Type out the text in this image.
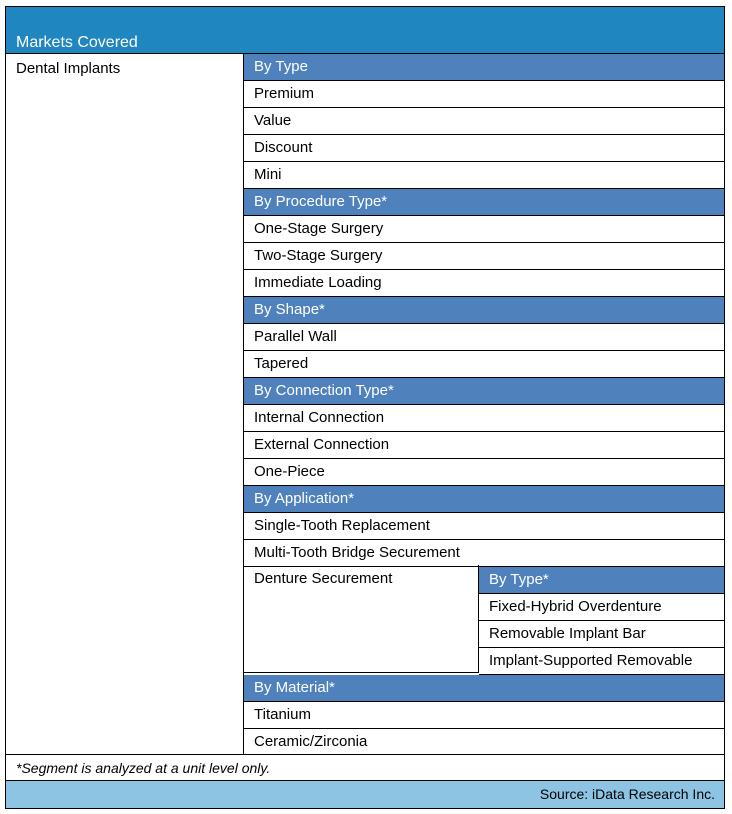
Markets Covered
Dental Implants	By Type
Premium
Value
Discount
Mini
By Procedure Type*
One-Stage Surgery
Two-Stage Surgery
Immediate Loading
By Shape*
Parallel Wall
Tapered
By Connection Type*
Internal Connection
External Connection
One-Piece
By Application*
Single-Tooth Replacement
Multi-Tooth Bridge Securement
Denture Securement	By Type*
Fixed-Hybrid Overdenture
Removable Implant Bar
Implant-Supported Removable
By Material*
Titanium
Ceramic/Zirconia
*Segment is analyzed at a unit level only.
Source: iData Research Inc.
